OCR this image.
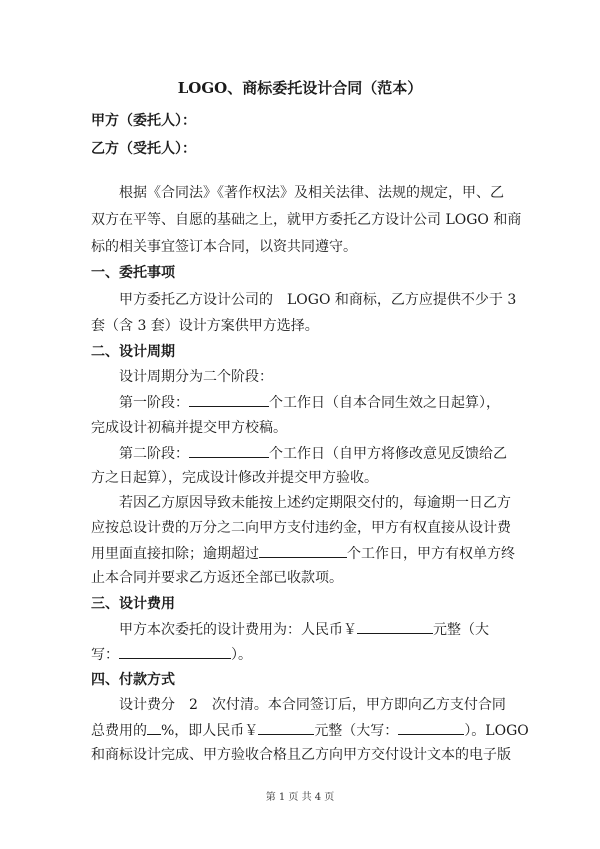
LOGO、商标委托设计合同（范本）
甲方（委托人）：
乙方（受托人）：
根据《合同法》《著作权法》及相关法律、法规的规定，甲、乙
双方在平等、自愿的基础之上，就甲方委托乙方设计公司 LOGO 和商
标的相关事宜签订本合同，以资共同遵守。
一、委托事项
甲方委托乙方设计公司的　LOGO 和商标，乙方应提供不少于 3
套（含 3 套）设计方案供甲方选择。
二、设计周期
设计周期分为二个阶段：
第一阶段：	个工作日（自本合同生效之日起算），
完成设计初稿并提交甲方校稿。
第二阶段：	个工作日（自甲方将修改意见反馈给乙
方之日起算），完成设计修改并提交甲方验收。
若因乙方原因导致未能按上述约定期限交付的，每逾期一日乙方
应按总设计费的万分之二向甲方支付违约金，甲方有权直接从设计费
用里面直接扣除；逾期超过	个工作日，甲方有权单方终
止本合同并要求乙方返还全部已收款项。
三、设计费用
甲方本次委托的设计费用为：人民币￥	元整（大
写：	）。
四、付款方式
设计费分　2　次付清。本合同签订后，甲方即向乙方支付合同
总费用的 %，即人民币￥	元整（大写：	）。LOGO
和商标设计完成、甲方验收合格且乙方向甲方交付设计文本的电子版
第 1 页 共 4 页
